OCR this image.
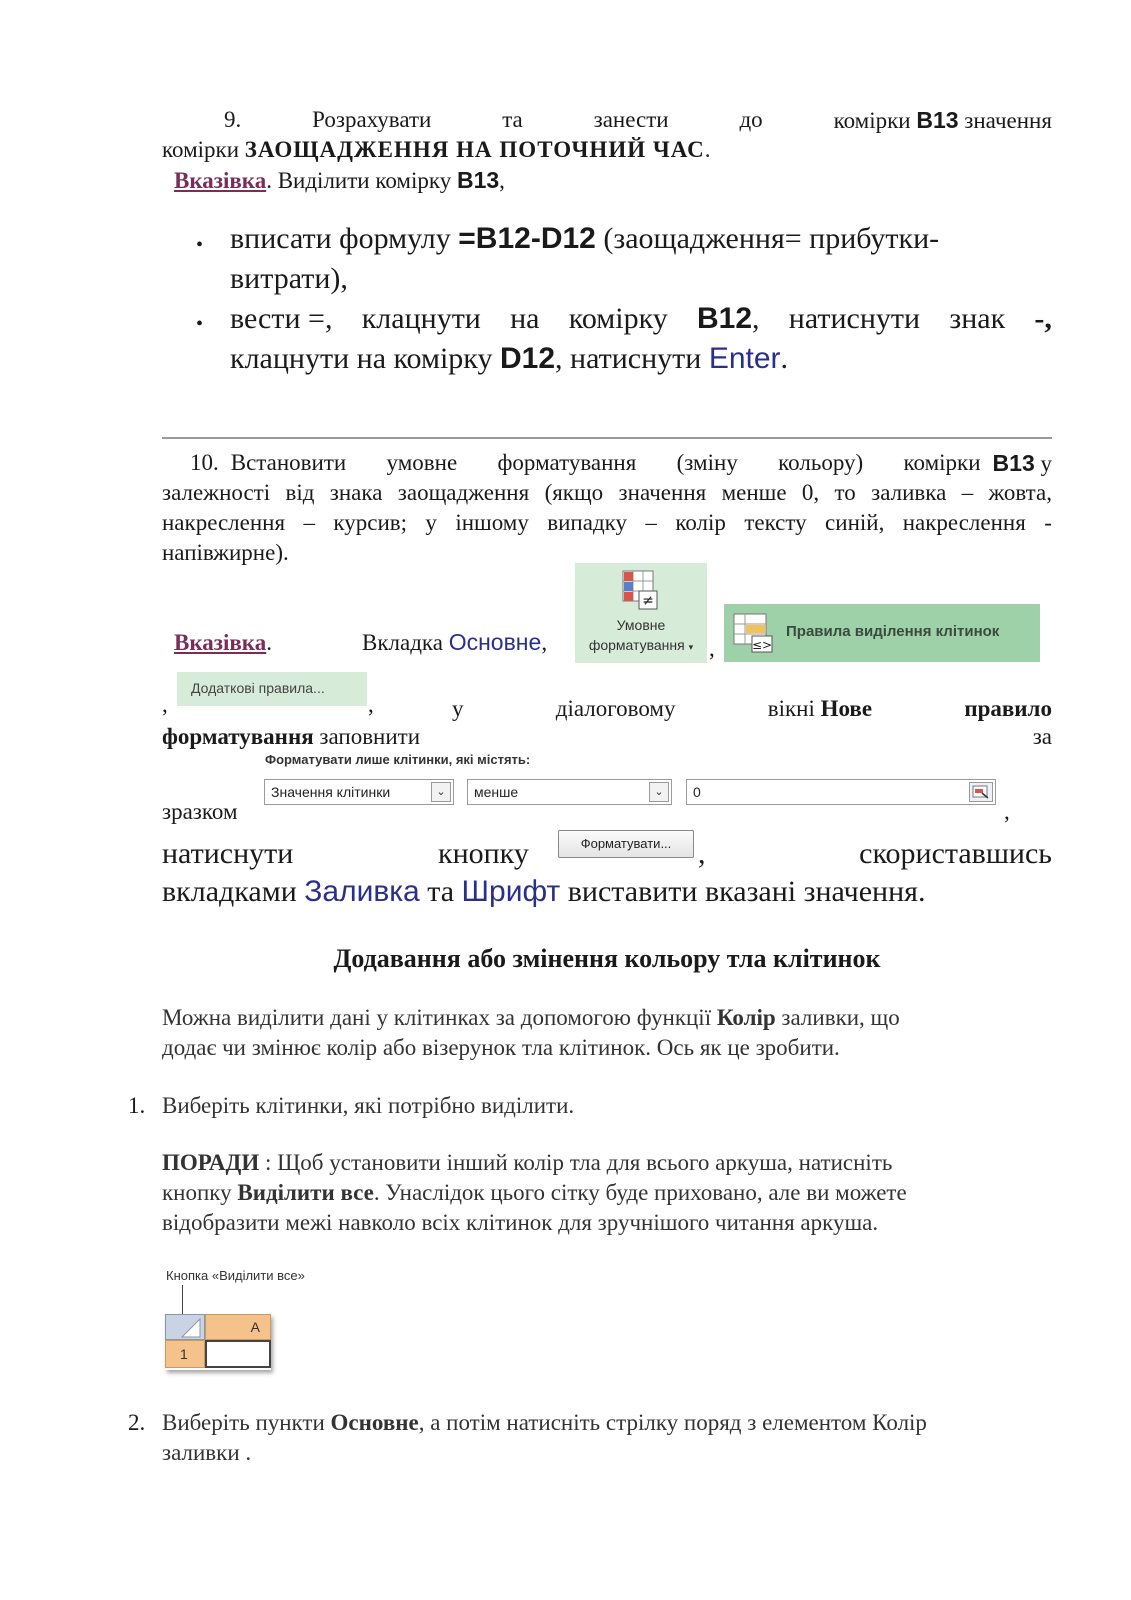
9.	Розрахувати	та	занести	до	комірки B13 значення
комірки ЗАОЩАДЖЕННЯ НА ПОТОЧНИЙ ЧАС.
Вказівка. Виділити комірку B13,
• вписати формулу =B12-D12 (заощадження= прибутки-
витрати),
• вести =, клацнути на комірку B12, натиснути знак -,
клацнути на комірку D12, натиснути Enter.
10. Встановити умовне форматування (зміну кольору) комірки B13 у
залежності від знака заощадження (якщо значення менше 0, то заливка – жовта,
накреслення – курсив; у іншому випадку – колір тексту синій, накреслення -
напівжирне).
Вказівка.	Вкладка Основне,
≠
Умовне
форматування ▾ ,	≤>
Правила виділення клітинок
,
Додаткові правила...
,	у	діалоговому	вікні Нове	правило
форматування заповнити	за
Форматувати лише клітинки, які містять:
Значення клітинки	⌄	менше	⌄	0
зразком	,
натиснути	кнопку	Форматувати... ,	скориставшись
вкладками Заливка та Шрифт виставити вказані значення.
Додавання або змінення кольору тла клітинок
Можна виділити дані у клітинках за допомогою функції Колір заливки, що
додає чи змінює колір або візерунок тла клітинок. Ось як це зробити.
1. Виберіть клітинки, які потрібно виділити.
ПОРАДИ : Щоб установити інший колір тла для всього аркуша, натисніть
кнопку Виділити все. Унаслідок цього сітку буде приховано, але ви можете
відобразити межі навколо всіх клітинок для зручнішого читання аркуша.
Кнопка «Виділити все»
A
1
2. Виберіть пункти Основне, а потім натисніть стрілку поряд з елементом Колір
заливки .
